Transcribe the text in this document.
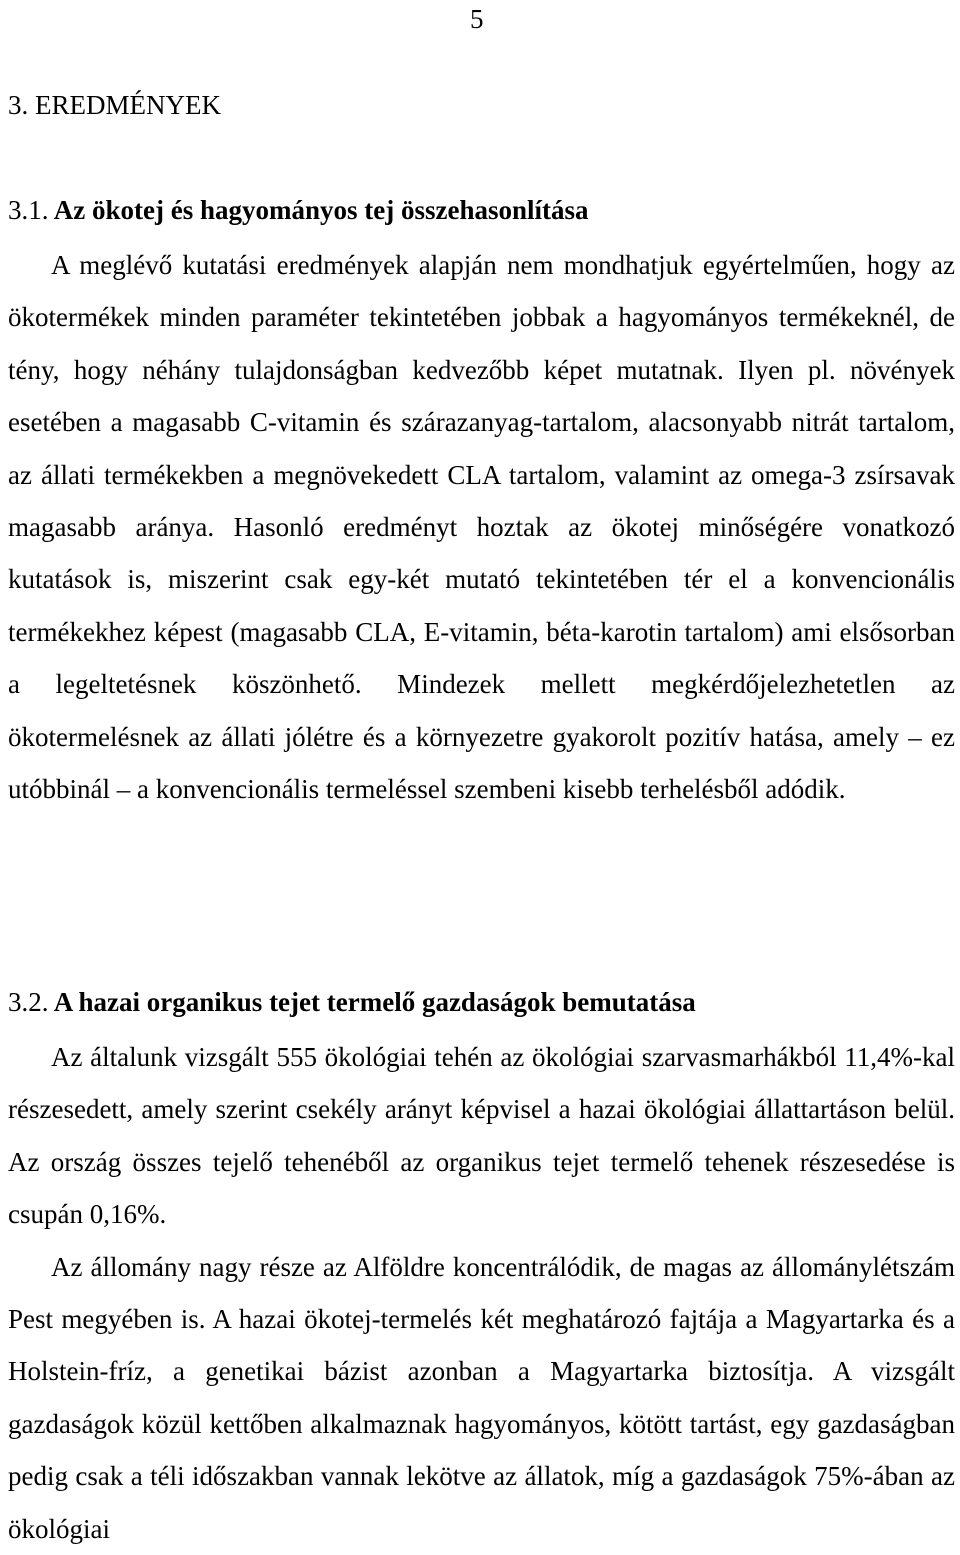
5
3. EREDMÉNYEK
3.1. Az ökotej és hagyományos tej összehasonlítása

A meglévő kutatási eredmények alapján nem mondhatjuk egyértelműen, hogy az ökotermékek minden paraméter tekintetében jobbak a hagyományos termékeknél, de tény, hogy néhány tulajdonságban kedvezőbb képet mutatnak. Ilyen pl. növények esetében a magasabb C-vitamin és szárazanyag-tartalom, alacsonyabb nitrát tartalom, az állati termékekben a megnövekedett CLA tartalom, valamint az omega-3 zsírsavak magasabb aránya. Hasonló eredményt hoztak az ökotej minőségére vonatkozó kutatások is, miszerint csak egy-két mutató tekintetében tér el a konvencionális termékekhez képest (magasabb CLA, E-vitamin, béta-karotin tartalom) ami elsősorban a legeltetésnek köszönhető. Mindezek mellett megkérdőjelezhetetlen az ökotermelésnek az állati jólétre és a környezetre gyakorolt pozitív hatása, amely – ez utóbbinál – a konvencionális termeléssel szembeni kisebb terhelésből adódik.

3.2. A hazai organikus tejet termelő gazdaságok bemutatása

Az általunk vizsgált 555 ökológiai tehén az ökológiai szarvasmarhákból 11,4%-kal részesedett, amely szerint csekély arányt képvisel a hazai ökológiai állattartáson belül. Az ország összes tejelő tehenéből az organikus tejet termelő tehenek részesedése is csupán 0,16%.

Az állomány nagy része az Alföldre koncentrálódik, de magas az állománylétszám Pest megyében is. A hazai ökotej-termelés két meghatározó fajtája a Magyartarka és a Holstein-fríz, a genetikai bázist azonban a Magyartarka biztosítja. A vizsgált gazdaságok közül kettőben alkalmaznak hagyományos, kötött tartást, egy gazdaságban pedig csak a téli időszakban vannak lekötve az állatok, míg a gazdaságok 75%-ában az ökológiai
